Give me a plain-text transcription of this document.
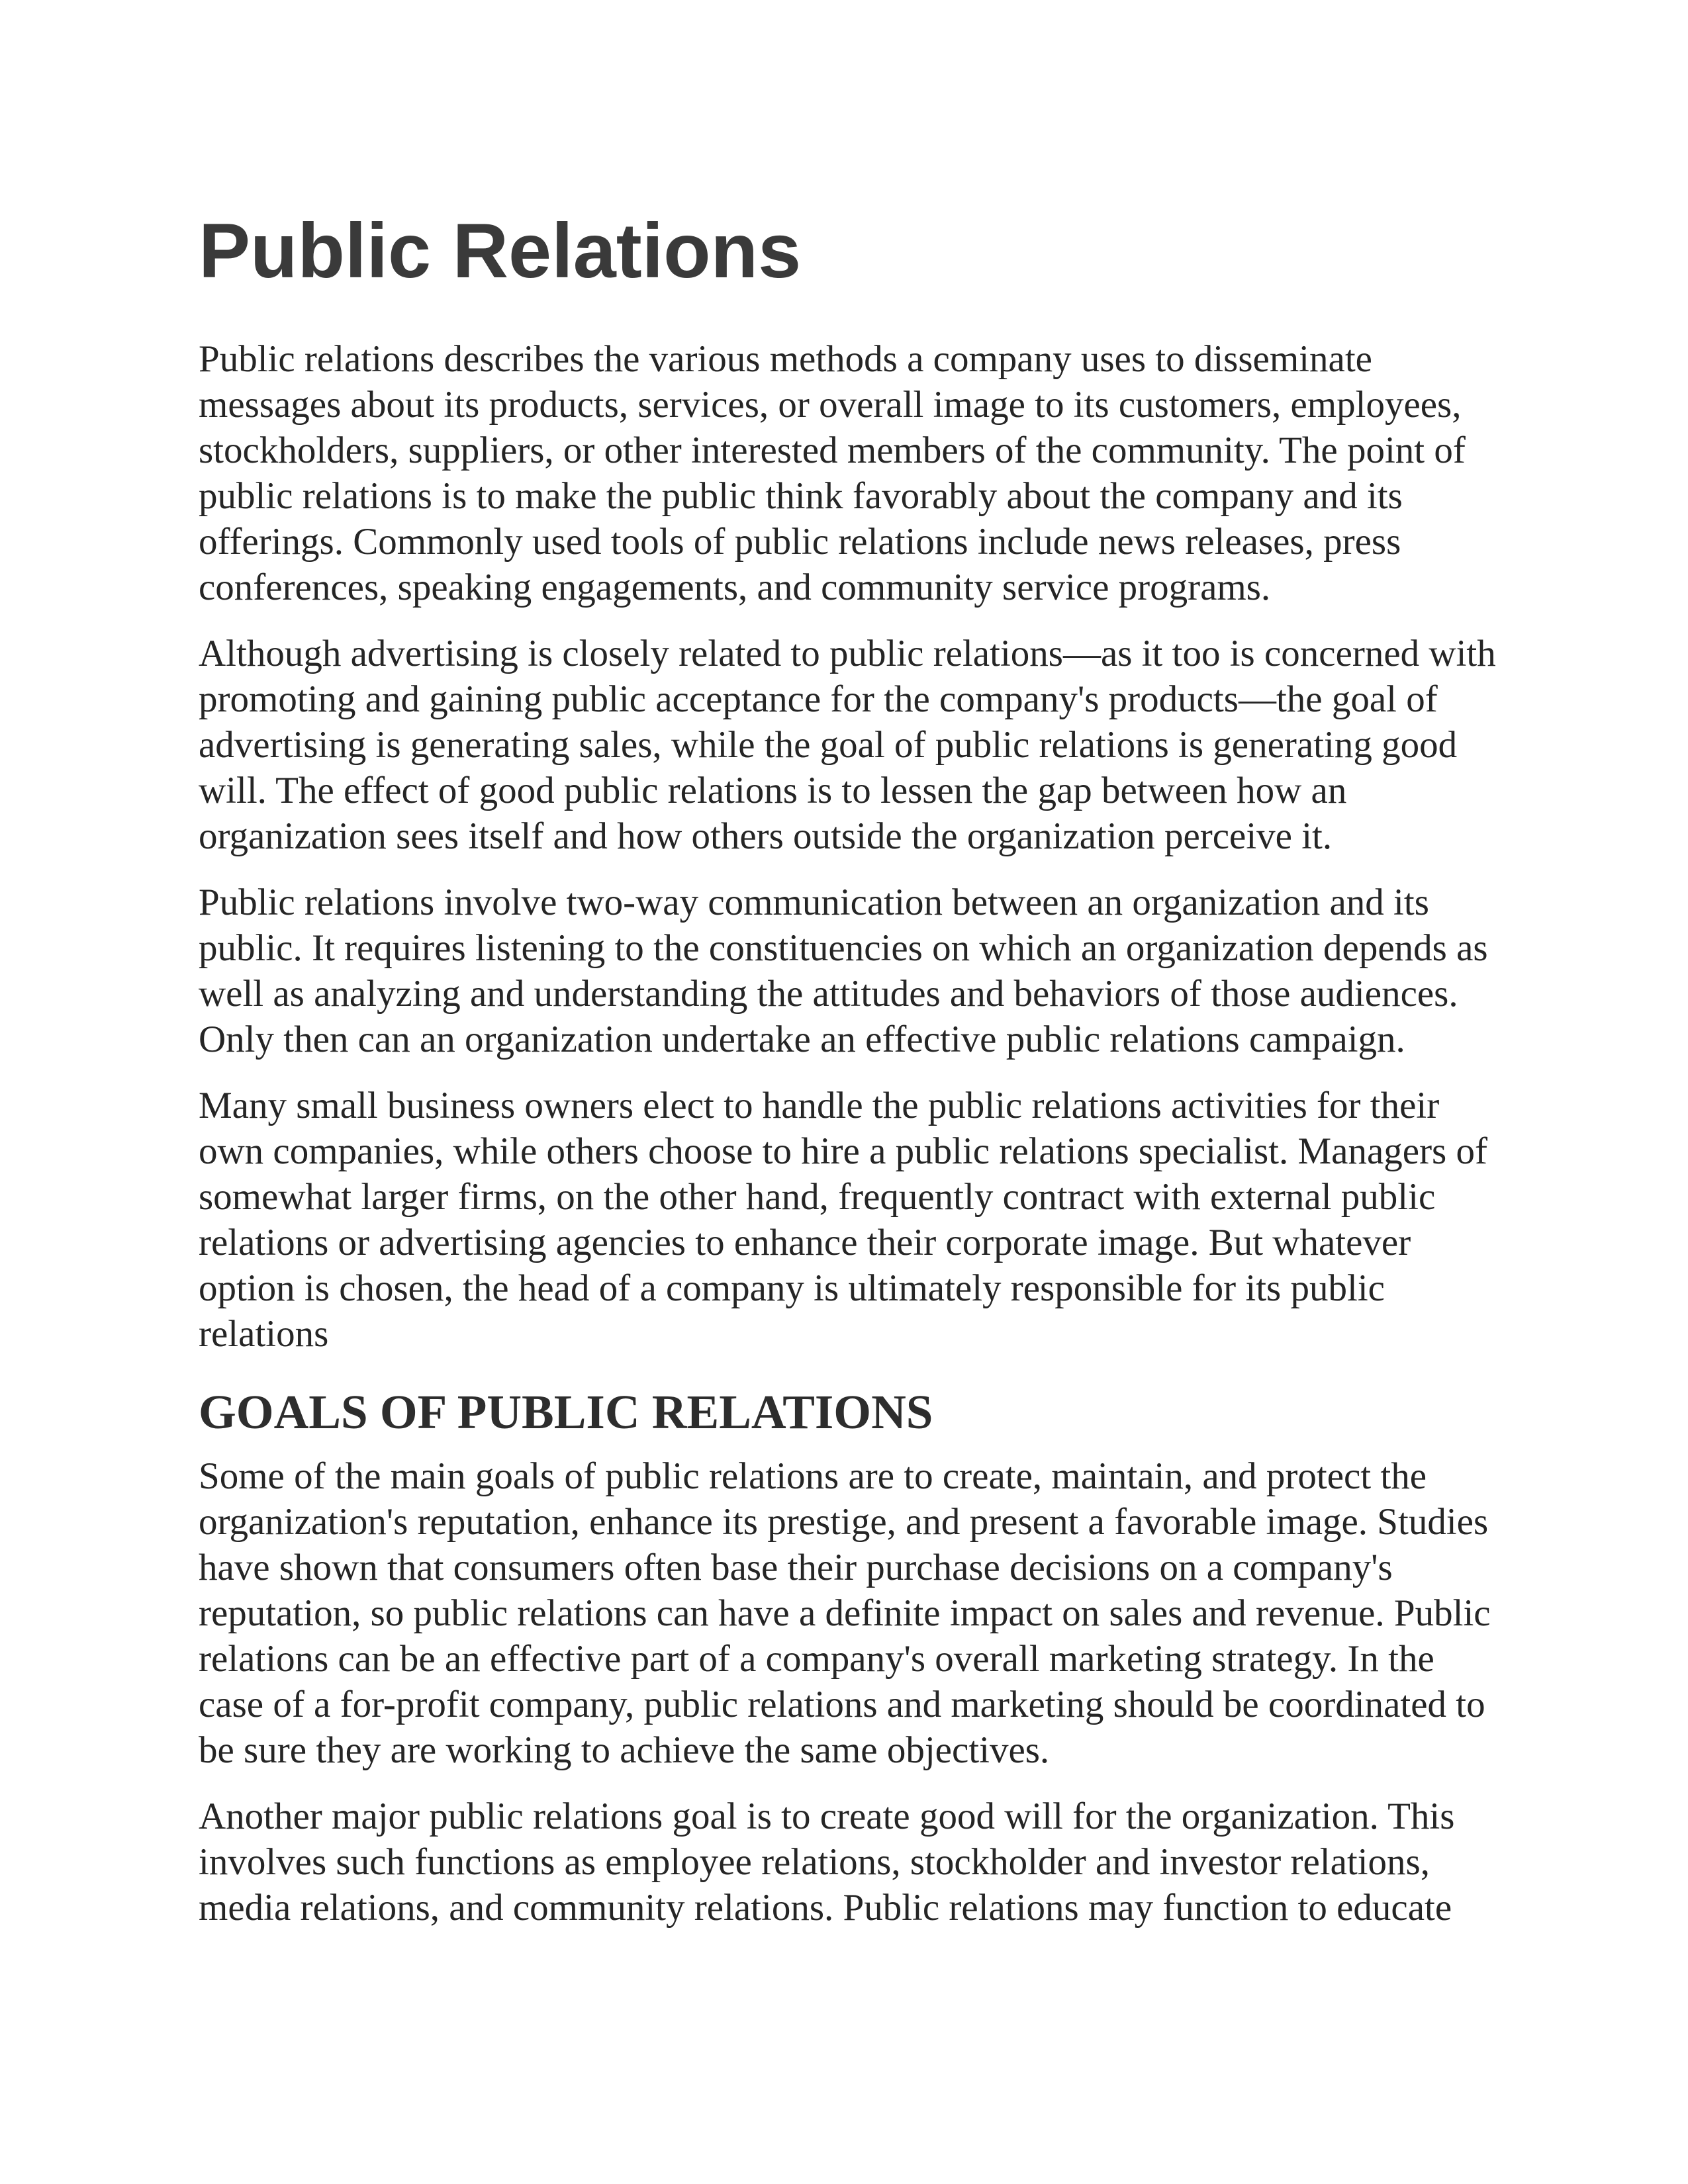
Public Relations

Public relations describes the various methods a company uses to disseminate
messages about its products, services, or overall image to its customers, employees,
stockholders, suppliers, or other interested members of the community. The point of
public relations is to make the public think favorably about the company and its
offerings. Commonly used tools of public relations include news releases, press
conferences, speaking engagements, and community service programs.

Although advertising is closely related to public relations—as it too is concerned with
promoting and gaining public acceptance for the company's products—the goal of
advertising is generating sales, while the goal of public relations is generating good
will. The effect of good public relations is to lessen the gap between how an
organization sees itself and how others outside the organization perceive it.

Public relations involve two-way communication between an organization and its
public. It requires listening to the constituencies on which an organization depends as
well as analyzing and understanding the attitudes and behaviors of those audiences.
Only then can an organization undertake an effective public relations campaign.

Many small business owners elect to handle the public relations activities for their
own companies, while others choose to hire a public relations specialist. Managers of
somewhat larger firms, on the other hand, frequently contract with external public
relations or advertising agencies to enhance their corporate image. But whatever
option is chosen, the head of a company is ultimately responsible for its public
relations

GOALS OF PUBLIC RELATIONS

Some of the main goals of public relations are to create, maintain, and protect the
organization's reputation, enhance its prestige, and present a favorable image. Studies
have shown that consumers often base their purchase decisions on a company's
reputation, so public relations can have a definite impact on sales and revenue. Public
relations can be an effective part of a company's overall marketing strategy. In the
case of a for-profit company, public relations and marketing should be coordinated to
be sure they are working to achieve the same objectives.

Another major public relations goal is to create good will for the organization. This
involves such functions as employee relations, stockholder and investor relations,
media relations, and community relations. Public relations may function to educate
